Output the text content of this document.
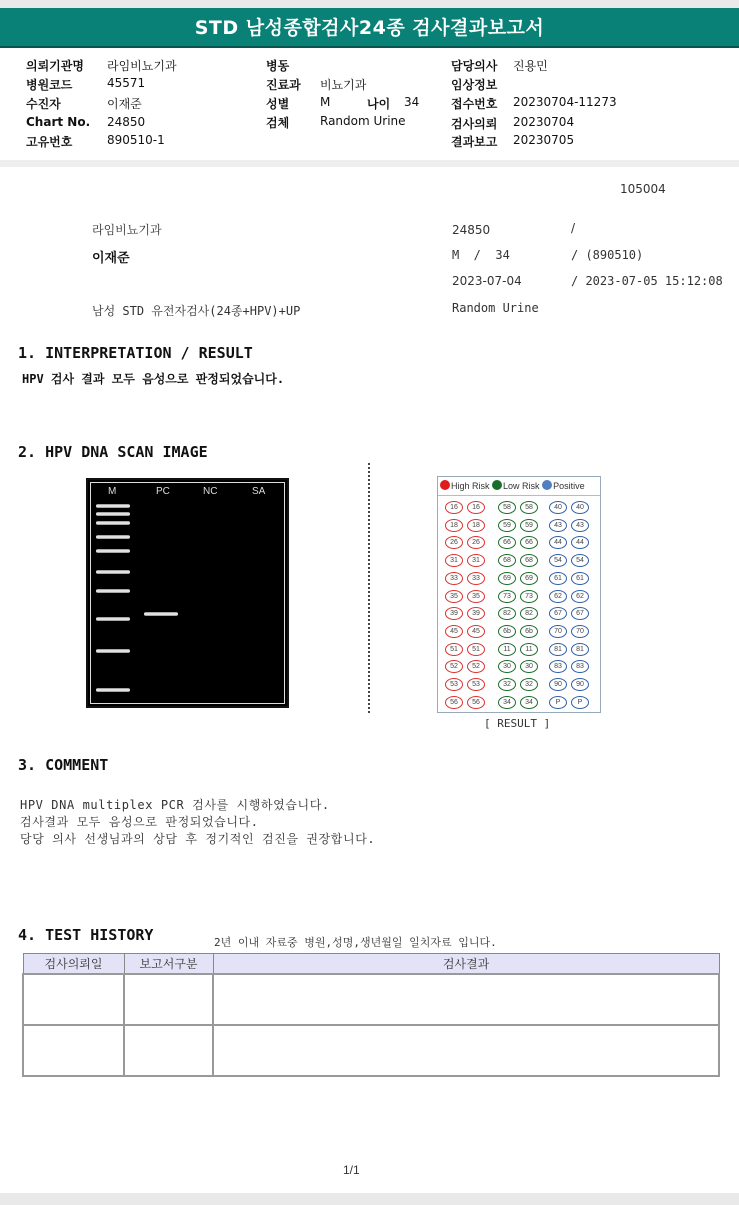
STD 남성종합검사24종 검사결과보고서
의뢰기관명 라임비뇨기과
병원코드	45571
수진자	이재준
Chart No. 24850
고유번호	890510-1
병동
진료과 비뇨기과
성별	M	나이 34
검체	Random Urine
담당의사 진용민
임상정보
접수번호 20230704-11273
검사의뢰 20230704
결과보고 20230705
105004
라임비뇨기과
이재준
남성 STD 유전자검사(24종+HPV)+UP
24850	/
M  /  34	/ (890510)
2023-07-04	/ 2023-07-05 15:12:08
Random Urine
1. INTERPRETATION / RESULT
HPV 검사 결과 모두 음성으로 판정되었습니다.
2. HPV DNA SCAN IMAGE
M	PC	NC	SA	High Risk Low Risk Positive
16	16	58	58	40	40
18	18	59	59	43	43
26	26	66	66	44	44
31	31	68	68	54	54
33	33	69	69	61	61
35	35	73	73	62	62
39	39	82	82	67	67
45	45	6b	6b	70	70
51	51	11	11	81	81
52	52	30	30	83	83
53	53	32	32	90	90
56	56	34	34	P	P
[ RESULT ]
3. COMMENT
HPV DNA multiplex PCR 검사를 시행하였습니다.
검사결과 모두 음성으로 판정되었습니다.
당당 의사 선생님과의 상담 후 정기적인 검진을 권장합니다.
4. TEST HISTORY	2년 이내 자료중 병원,성명,생년월일 일치자료 입니다.
검사의뢰일	보고서구분	검사결과

1/1
